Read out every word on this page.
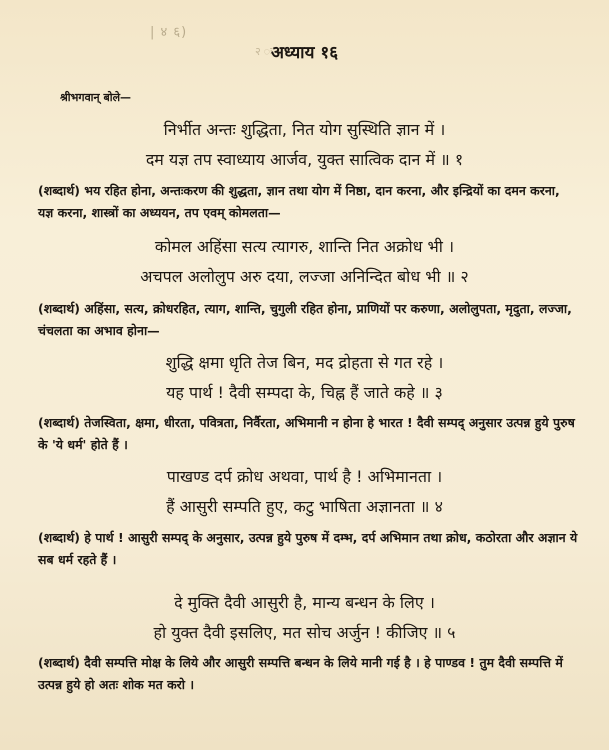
| ४ ६)
२ ः
अध्याय १६
श्रीभगवान् बोले—
निर्भीत अन्तः शुद्धिता, नित योग सुस्थिति ज्ञान में ।
दम यज्ञ तप स्वाध्याय आर्जव, युक्त सात्विक दान में ॥ १
(शब्दार्थ) भय रहित होना, अन्तःकरण की शुद्धता, ज्ञान तथा योग में निष्ठा, दान करना, और इन्द्रियों का दमन करना, यज्ञ करना, शास्त्रों का अध्ययन, तप एवम् कोमलता—
कोमल अहिंसा सत्य त्यागरु, शान्ति नित अक्रोध भी ।
अचपल अलोलुप अरु दया, लज्जा अनिन्दित बोध भी ॥ २
(शब्दार्थ) अहिंसा, सत्य, क्रोधरहित, त्याग, शान्ति, चुगुली रहित होना, प्राणियों पर करुणा, अलोलुपता, मृदुता, लज्जा, चंचलता का अभाव होना—
शुद्धि क्षमा धृति तेज बिन, मद द्रोहता से गत रहे ।
यह पार्थ ! दैवी सम्पदा के, चिह्न हैं जाते कहे ॥ ३
(शब्दार्थ) तेजस्विता, क्षमा, धीरता, पवित्रता, निर्वैरता, अभिमानी न होना हे भारत ! दैवी सम्पद् अनुसार उत्पन्न हुये पुरुष के 'ये धर्म' होते हैं ।
पाखण्ड दर्प क्रोध अथवा, पार्थ है ! अभिमानता ।
हैं आसुरी सम्पति हुए, कटु भाषिता अज्ञानता ॥ ४
(शब्दार्थ) हे पार्थ ! आसुरी सम्पद् के अनुसार, उत्पन्न हुये पुरुष में दम्भ, दर्प अभिमान तथा क्रोध, कठोरता और अज्ञान ये सब धर्म रहते हैं ।
दे मुक्ति दैवी आसुरी है, मान्य बन्धन के लिए ।
हो युक्त दैवी इसलिए, मत सोच अर्जुन ! कीजिए ॥ ५
(शब्दार्थ) दैवी सम्पत्ति मोक्ष के लिये और आसुरी सम्पत्ति बन्धन के लिये मानी गई है । हे पाण्डव ! तुम दैवी सम्पत्ति में उत्पन्न हुये हो अतः शोक मत करो ।
